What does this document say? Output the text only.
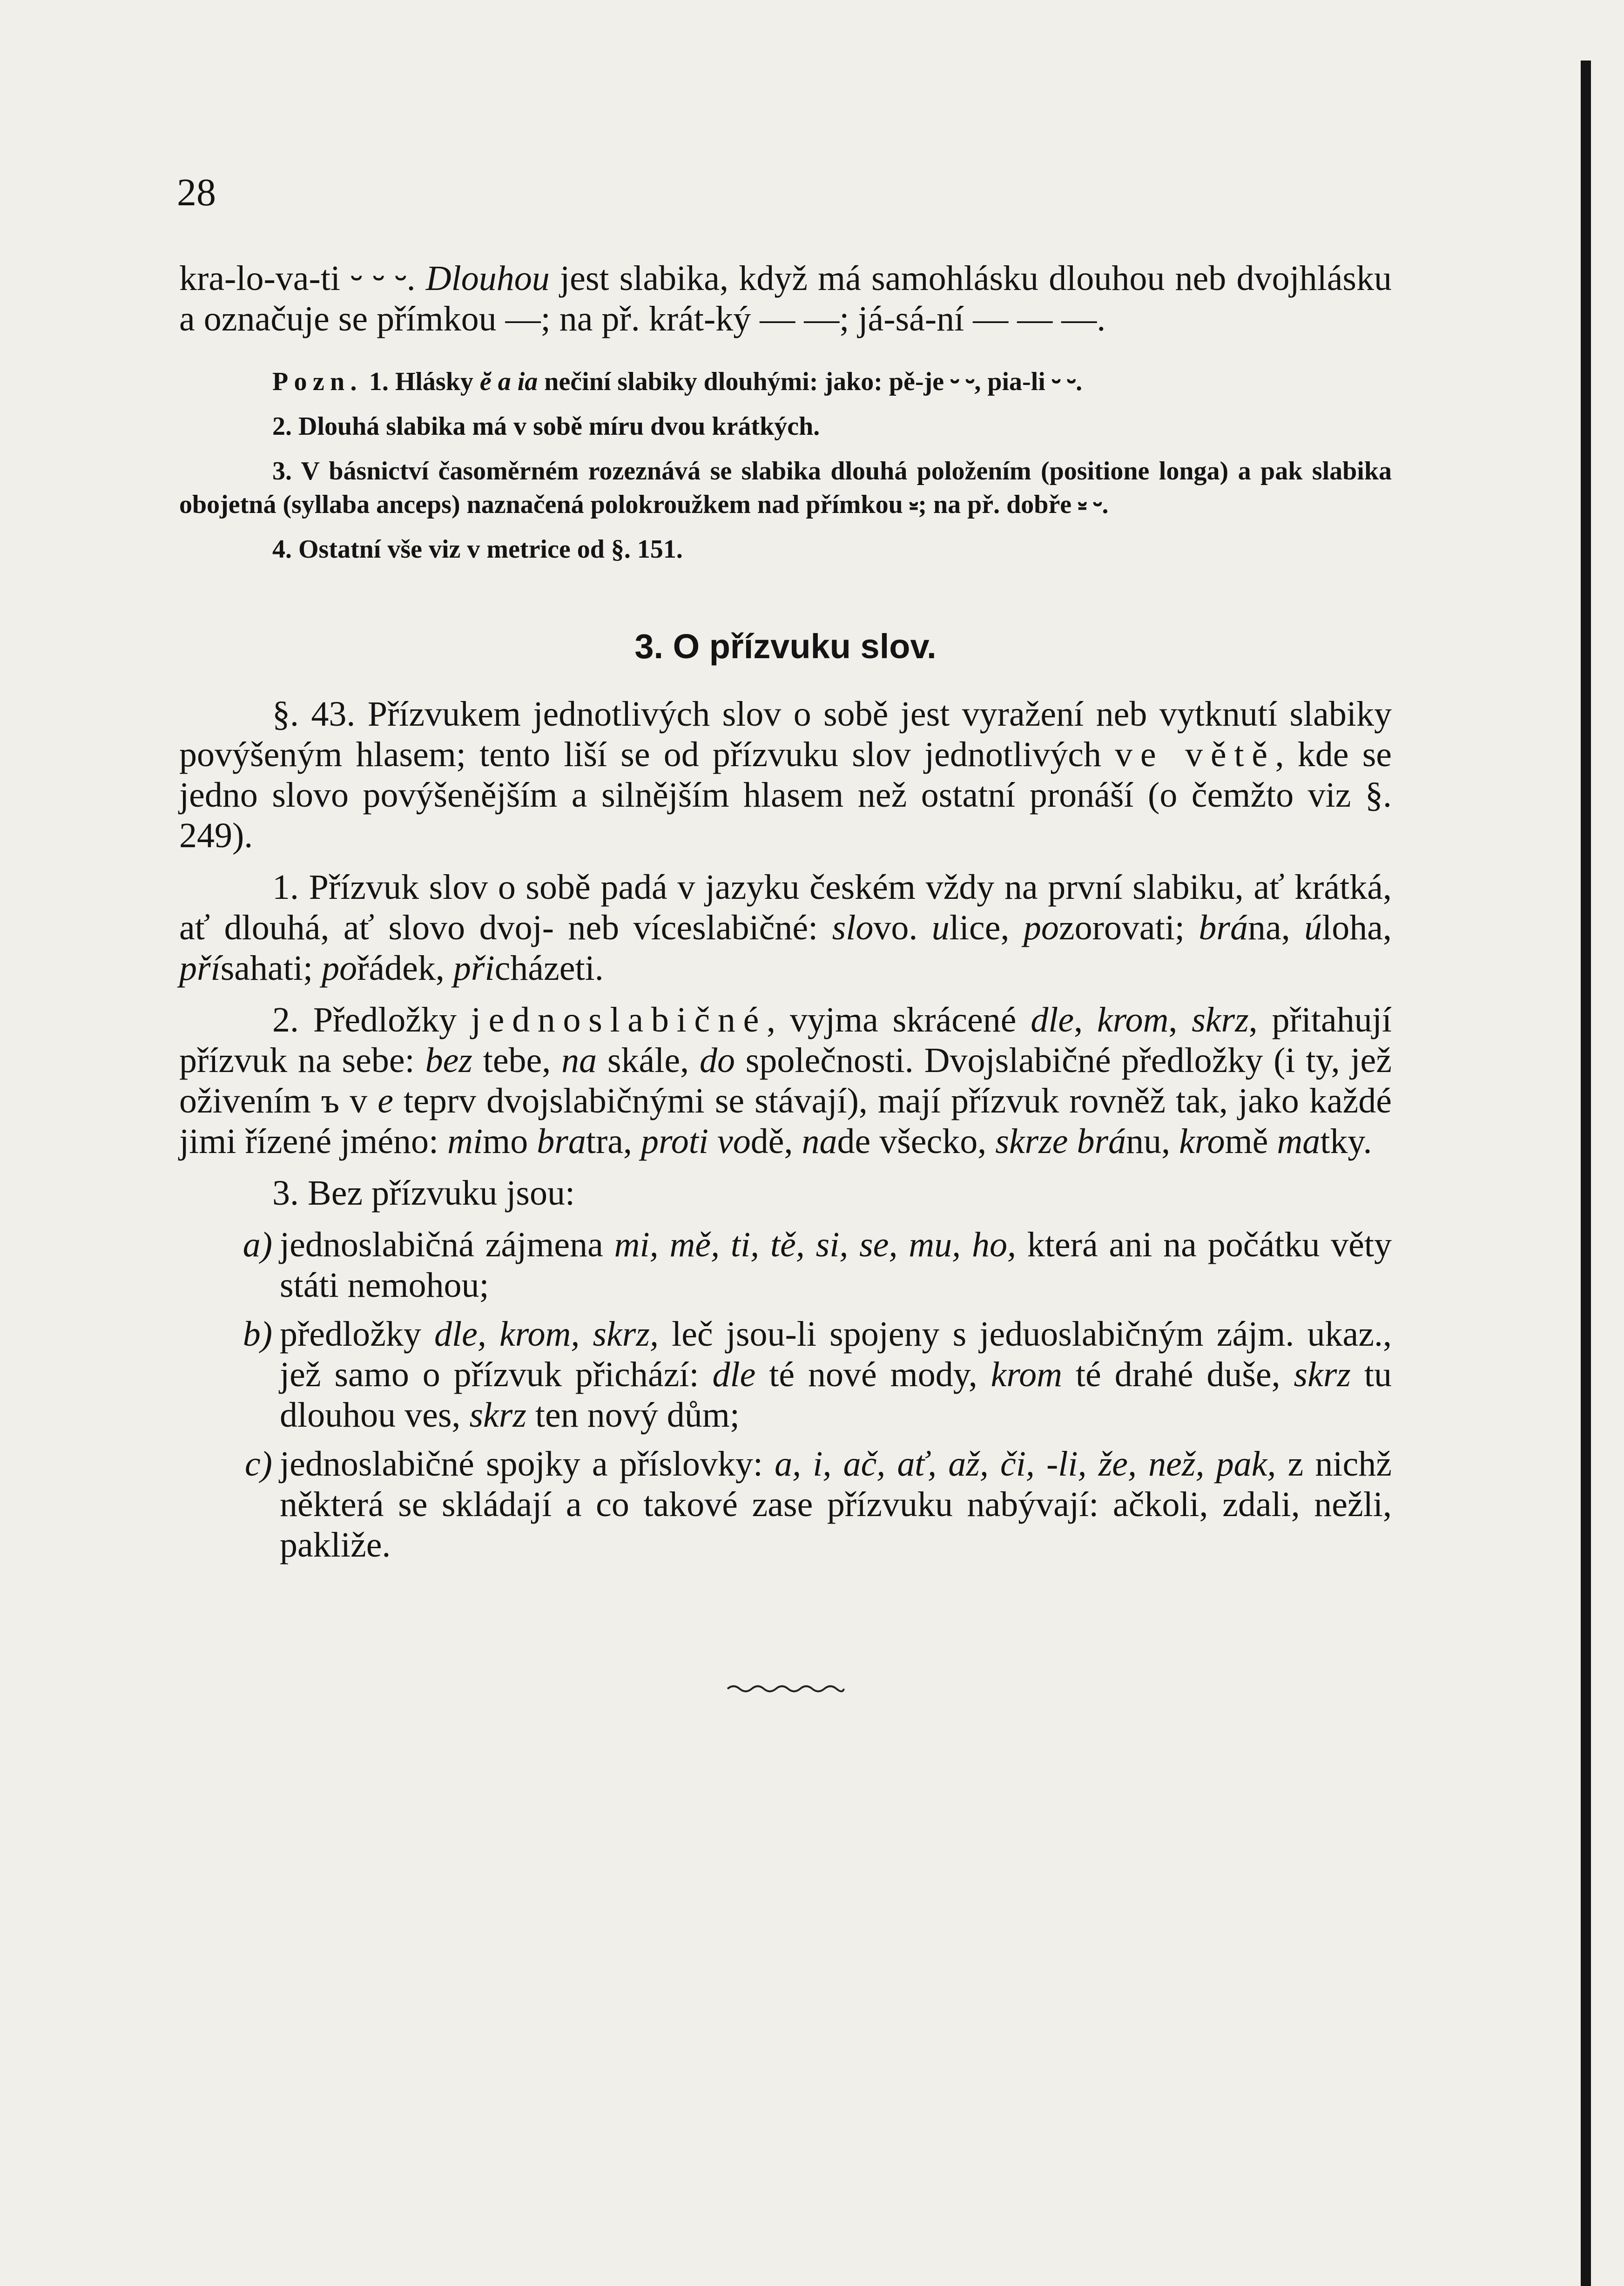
28

kra-lo-va-ti ⏑ ⏑ ⏑. Dlouhou jest slabika, když má samohlásku dlouhou neb dvojhlásku a označuje se přímkou —; na př. krát-ký — —; já-sá-ní — — —.

Pozn. 1. Hlásky ĕ a ia nečiní slabiky dlouhými: jako: pě-je ⏑ ⏑, pia-li ⏑ ⏑.

2. Dlouhá slabika má v sobě míru dvou krátkých.

3. V básnictví časoměrném rozeznává se slabika dlouhá položením (positione longa) a pak slabika obojetná (syllaba anceps) naznačená polokroužkem nad přímkou ⏓; na př. dobře ⏓ ⏑.

4. Ostatní vše viz v metrice od §. 151.

3. O přízvuku slov.

§. 43. Přízvukem jednotlivých slov o sobě jest vyražení neb vytknutí slabiky povýšeným hlasem; tento liší se od přízvuku slov jednotlivých ve větě, kde se jedno slovo povýšenějším a silnějším hlasem než ostatní pronáší (o čemžto viz §. 249).

1. Přízvuk slov o sobě padá v jazyku českém vždy na první slabiku, ať krátká, ať dlouhá, ať slovo dvoj- neb víceslabičné: slovo. ulice, pozorovati; brána, úloha, přísahati; pořádek, přicházeti.

2. Předložky jednoslabičné, vyjma skrácené dle, krom, skrz, přitahují přízvuk na sebe: bez tebe, na skále, do společnosti. Dvojslabičné předložky (i ty, jež oživením ъ v e teprv dvojslabičnými se stávají), mají přízvuk rovněž tak, jako každé jimi řízené jméno: mimo bratra, proti vodě, nade všecko, skrze bránu, kromě matky.

3. Bez přízvuku jsou:

a) jednoslabičná zájmena mi, mě, ti, tě, si, se, mu, ho, která ani na počátku věty státi nemohou;
b) předložky dle, krom, skrz, leč jsou-li spojeny s jeduoslabičným zájm. ukaz., jež samo o přízvuk přichází: dle té nové mody, krom té drahé duše, skrz tu dlouhou ves, skrz ten nový dům;
c) jednoslabičné spojky a příslovky: a, i, ač, ať, až, či, -li, že, než, pak, z nichž některá se skládají a co takové zase přízvuku nabývají: ačkoli, zdali, nežli, pakliže.
